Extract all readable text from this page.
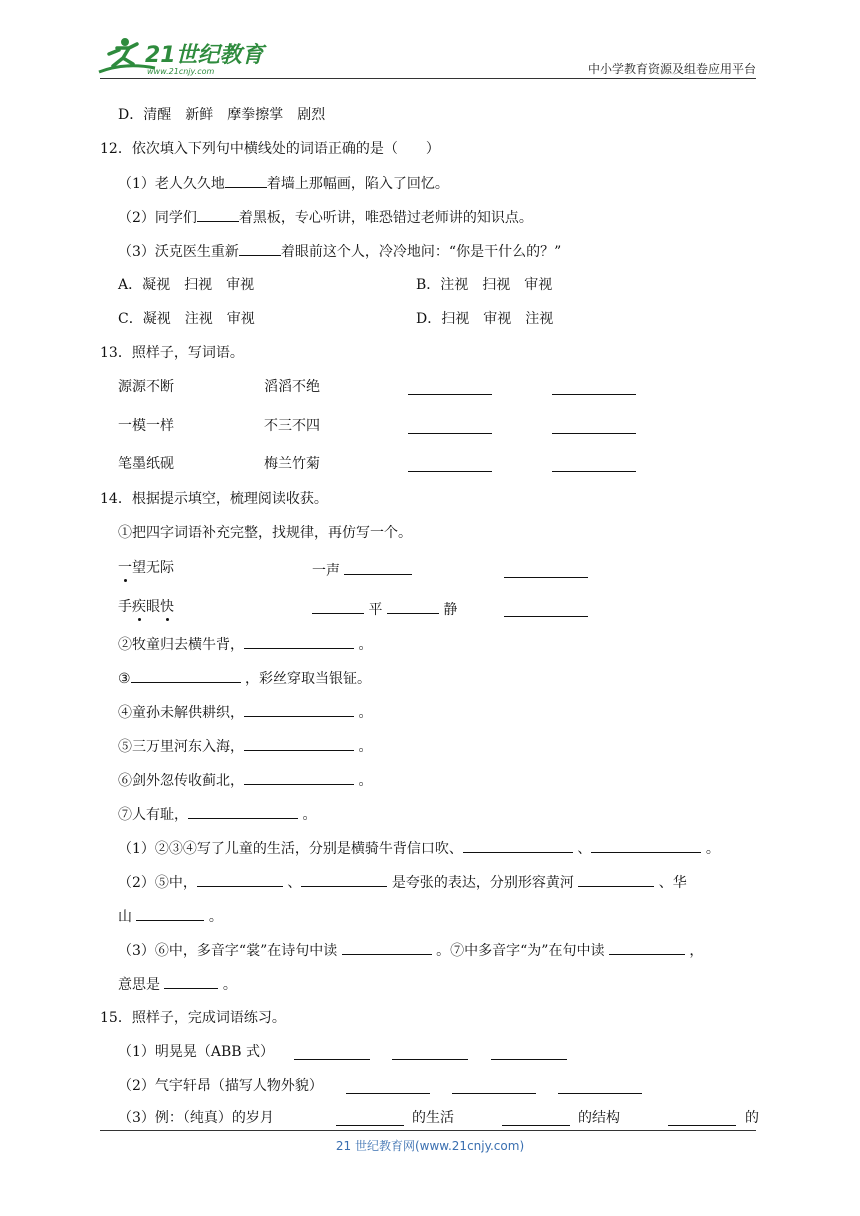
21世纪教育
www.21cnjy.com	中小学教育资源及组卷应用平台
D．清醒　新鲜　摩拳擦掌　剧烈
12．依次填入下列句中横线处的词语正确的是（　　）
（1）老人久久地	着墙上那幅画，陷入了回忆。
（2）同学们	着黑板，专心听讲，唯恐错过老师讲的知识点。
（3）沃克医生重新	着眼前这个人，冷冷地问：“你是干什么的？”
A．凝视　扫视　审视	B．注视　扫视　审视
C．凝视　注视　审视	D．扫视　审视　注视
13．照样子，写词语。
源源不断	滔滔不绝
一模一样	不三不四
笔墨纸砚	梅兰竹菊
14．根据提示填空，梳理阅读收获。
①把四字词语补充完整，找规律，再仿写一个。
一望无际	一声
手疾眼快	平	静
②牧童归去横牛背，	。
③	，彩丝穿取当银钲。
④童孙未解供耕织，	。
⑤三万里河东入海，	。
⑥剑外忽传收蓟北，	。
⑦人有耻，	。
（1）②③④写了儿童的生活，分别是横骑牛背信口吹、	、	。
（2）⑤中，	、	是夸张的表达，分别形容黄河	、华
山	。
（3）⑥中，多音字“裳”在诗句中读	。⑦中多音字“为”在句中读	，
意思是	。
15．照样子，完成词语练习。
（1）明晃晃（ABB 式）
（2）气宇轩昂（描写人物外貌）
（3）例：（纯真）的岁月	的生活	的结构	的
21 世纪教育网(www.21cnjy.com)
